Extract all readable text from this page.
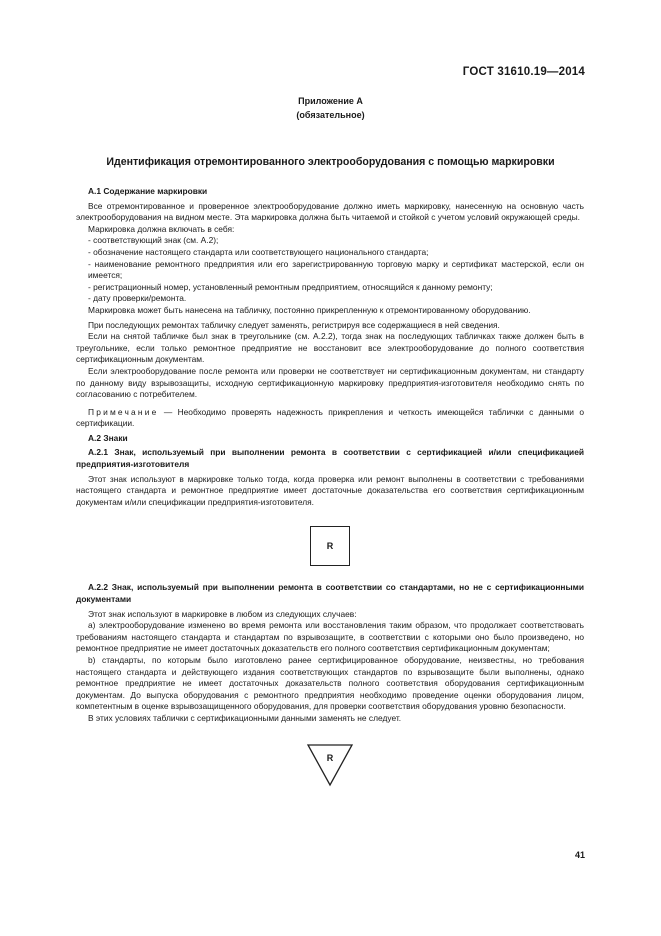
ГОСТ 31610.19—2014
Приложение А
(обязательное)
Идентификация отремонтированного электрооборудования с помощью маркировки

А.1 Содержание маркировки

Все отремонтированное и проверенное электрооборудование должно иметь маркировку, нанесенную на основную часть электрооборудования на видном месте. Эта маркировка должна быть читаемой и стойкой с учетом условий окружающей среды.

Маркировка должна включать в себя:

- соответствующий знак (см. А.2);

- обозначение настоящего стандарта или соответствующего национального стандарта;

- наименование ремонтного предприятия или его зарегистрированную торговую марку и сертификат мастерской, если он имеется;

- регистрационный номер, установленный ремонтным предприятием, относящийся к данному ремонту;

- дату проверки/ремонта.

Маркировка может быть нанесена на табличку, постоянно прикрепленную к отремонтированному оборудованию.

При последующих ремонтах табличку следует заменять, регистрируя все содержащиеся в ней сведения.

Если на снятой табличке был знак в треугольнике (см. А.2.2), тогда знак на последующих табличках также должен быть в треугольнике, если только ремонтное предприятие не восстановит все электрооборудование до полного соответствия сертификационным документам.

Если электрооборудование после ремонта или проверки не соответствует ни сертификационным документам, ни стандарту по данному виду взрывозащиты, исходную сертификационную маркировку предприятия-изготовителя необходимо снять по согласованию с потребителем.

Примечание — Необходимо проверять надежность прикрепления и четкость имеющейся таблички с данными о сертификации.

А.2 Знаки

А.2.1 Знак, используемый при выполнении ремонта в соответствии с сертификацией и/или спецификацией предприятия-изготовителя

Этот знак используют в маркировке только тогда, когда проверка или ремонт выполнены в соответствии с требованиями настоящего стандарта и ремонтное предприятие имеет достаточные доказательства его соответствия сертификационным документам и/или спецификации предприятия-изготовителя.

R

А.2.2 Знак, используемый при выполнении ремонта в соответствии со стандартами, но не с сертификационными документами

Этот знак используют в маркировке в любом из следующих случаев:

а) электрооборудование изменено во время ремонта или восстановления таким образом, что продолжает соответствовать требованиям настоящего стандарта и стандартам по взрывозащите, в соответствии с которыми оно было произведено, но ремонтное предприятие не имеет достаточных доказательств его полного соответствия сертификационным документам;

b) стандарты, по которым было изготовлено ранее сертифицированное оборудование, неизвестны, но требования настоящего стандарта и действующего издания соответствующих стандартов по взрывозащите были выполнены, однако ремонтное предприятие не имеет достаточных доказательств полного соответствия оборудования сертификационным документам. До выпуска оборудования с ремонтного предприятия необходимо проведение оценки оборудования лицом, компетентным в оценке взрывозащищенного оборудования, для проверки соответствия оборудования уровню безопасности.

В этих условиях таблички с сертификационными данными заменять не следует.

R
41
